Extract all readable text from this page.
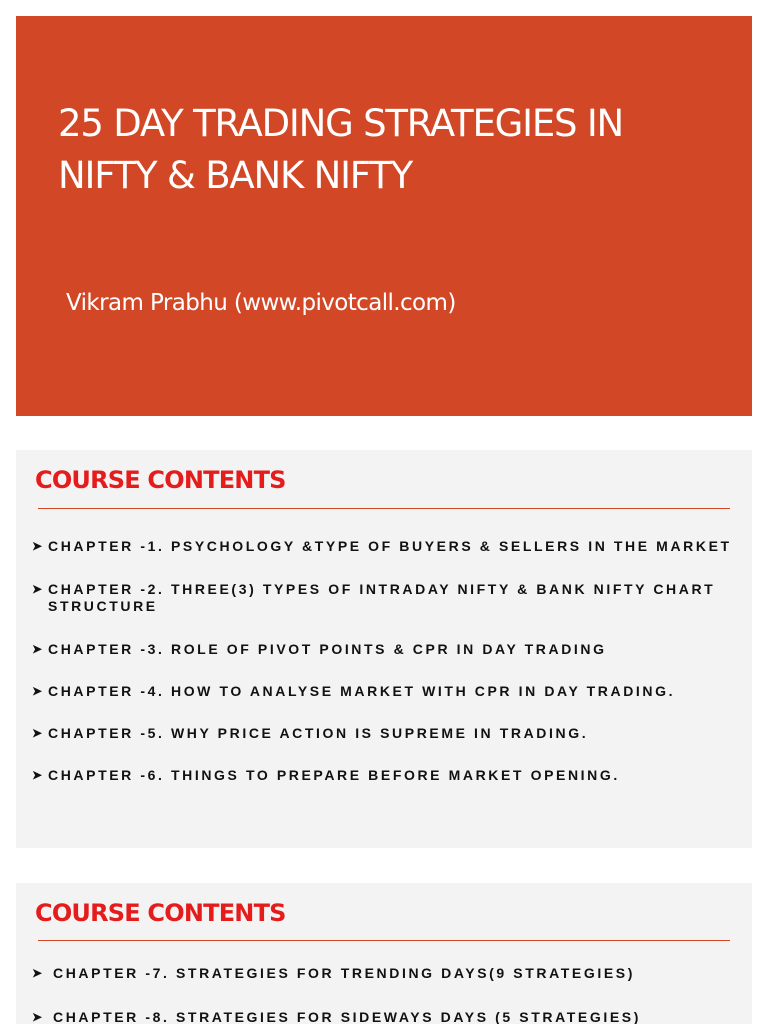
25 DAY TRADING STRATEGIES IN NIFTY & BANK NIFTY

Vikram Prabhu (www.pivotcall.com)

COURSE CONTENTS
➤ CHAPTER -1. PSYCHOLOGY &TYPE OF BUYERS & SELLERS IN THE MARKET
➤ CHAPTER -2. THREE(3) TYPES OF INTRADAY NIFTY & BANK NIFTY CHART STRUCTURE
➤ CHAPTER -3. ROLE OF PIVOT POINTS & CPR IN DAY TRADING
➤ CHAPTER -4. HOW TO ANALYSE MARKET WITH CPR IN DAY TRADING.
➤ CHAPTER -5. WHY PRICE ACTION IS SUPREME IN TRADING.
➤ CHAPTER -6. THINGS TO PREPARE BEFORE MARKET OPENING.
COURSE CONTENTS
➤ CHAPTER -7. STRATEGIES FOR TRENDING DAYS(9 STRATEGIES)
➤ CHAPTER -8. STRATEGIES FOR SIDEWAYS DAYS (5 STRATEGIES)
